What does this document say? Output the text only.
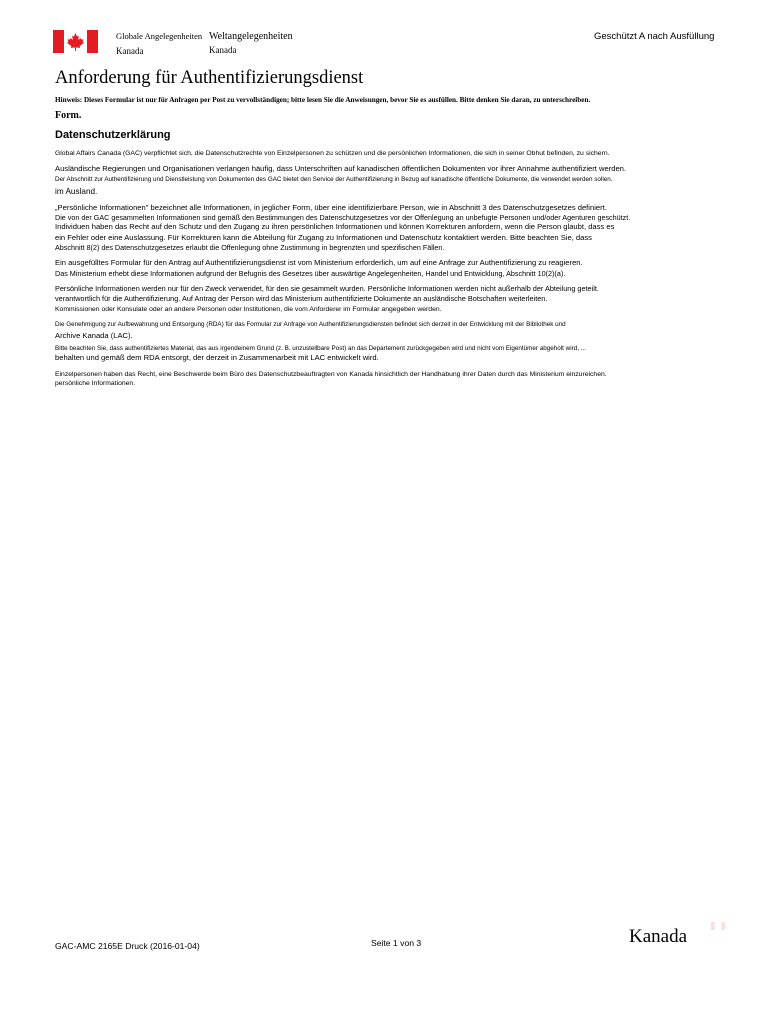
Globale Angelegenheiten
Kanada
Weltangelegenheiten
Kanada
Geschützt A nach Ausfüllung
Anforderung für Authentifizierungsdienst
Hinweis: Dieses Formular ist nur für Anfragen per Post zu vervollständigen; bitte lesen Sie die Anweisungen, bevor Sie es ausfüllen. Bitte denken Sie daran, zu unterschreiben.
Form.
Datenschutzerklärung

Global Affairs Canada (GAC) verpflichtet sich, die Datenschutzrechte von Einzelpersonen zu schützen und die persönlichen Informationen, die sich in seiner Obhut befinden, zu sichern.

Ausländische Regierungen und Organisationen verlangen häufig, dass Unterschriften auf kanadischen öffentlichen Dokumenten vor ihrer Annahme authentifiziert werden.

Der Abschnitt zur Authentifizierung und Dienstleistung von Dokumenten des GAC bietet den Service der Authentifizierung in Bezug auf kanadische öffentliche Dokumente, die verwendet werden sollen.

im Ausland.

„Persönliche Informationen" bezeichnet alle Informationen, in jeglicher Form, über eine identifizierbare Person, wie in Abschnitt 3 des Datenschutzgesetzes definiert.

Die von der GAC gesammelten Informationen sind gemäß den Bestimmungen des Datenschutzgesetzes vor der Offenlegung an unbefugte Personen und/oder Agenturen geschützt.

Individuen haben das Recht auf den Schutz und den Zugang zu ihren persönlichen Informationen und können Korrekturen anfordern, wenn die Person glaubt, dass es

ein Fehler oder eine Auslassung. Für Korrekturen kann die Abteilung für Zugang zu Informationen und Datenschutz kontaktiert werden. Bitte beachten Sie, dass

Abschnitt 8(2) des Datenschutzgesetzes erlaubt die Offenlegung ohne Zustimmung in begrenzten und spezifischen Fällen.

Ein ausgefülltes Formular für den Antrag auf Authentifizierungsdienst ist vom Ministerium erforderlich, um auf eine Anfrage zur Authentifizierung zu reagieren.

Das Ministerium erhebt diese Informationen aufgrund der Befugnis des Gesetzes über auswärtige Angelegenheiten, Handel und Entwicklung, Abschnitt 10(2)(a).

Persönliche Informationen werden nur für den Zweck verwendet, für den sie gesammelt wurden. Persönliche Informationen werden nicht außerhalb der Abteilung geteilt.

verantwortlich für die Authentifizierung. Auf Antrag der Person wird das Ministerium authentifizierte Dokumente an ausländische Botschaften weiterleiten.

Kommissionen oder Konsulate oder an andere Personen oder Institutionen, die vom Anforderer im Formular angegeben werden.

Die Genehmigung zur Aufbewahrung und Entsorgung (RDA) für das Formular zur Anfrage von Authentifizierungsdiensten befindet sich derzeit in der Entwicklung mit der Bibliothek und

Archive Kanada (LAC).

Bitte beachten Sie, dass authentifiziertes Material, das aus irgendeinem Grund (z. B. unzustellbare Post) an das Departement zurückgegeben wird und nicht vom Eigentümer abgeholt wird, ...

behalten und gemäß dem RDA entsorgt, der derzeit in Zusammenarbeit mit LAC entwickelt wird.

Einzelpersonen haben das Recht, eine Beschwerde beim Büro des Datenschutzbeauftragten von Kanada hinsichtlich der Handhabung ihrer Daten durch das Ministerium einzureichen.

persönliche Informationen.

GAC-AMC 2165E Druck (2016-01-04)	Seite 1 von 3	Kanada
